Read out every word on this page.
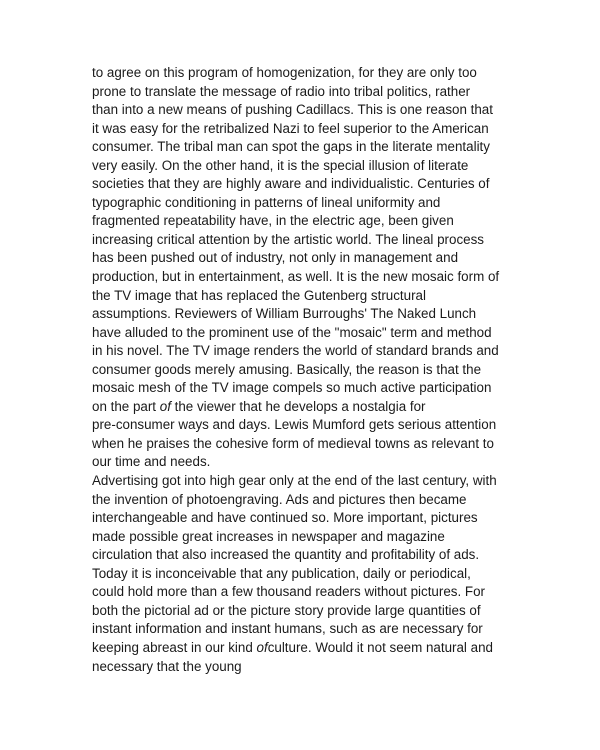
to agree on this program of homogenization, for they are only too
prone to translate the message of radio into tribal politics, rather
than into a new means of pushing Cadillacs. This is one reason that
it was easy for the retribalized Nazi to feel superior to the American
consumer. The tribal man can spot the gaps in the literate mentality
very easily. On the other hand, it is the special illusion of literate
societies that they are highly aware and individualistic. Centuries of
typographic conditioning in patterns of lineal uniformity and
fragmented repeatability have, in the electric age, been given
increasing critical attention by the artistic world. The lineal process
has been pushed out of industry, not only in management and
production, but in entertainment, as well. It is the new mosaic form of
the TV image that has replaced the Gutenberg structural
assumptions. Reviewers of William Burroughs' The Naked Lunch
have alluded to the prominent use of the "mosaic" term and method
in his novel. The TV image renders the world of standard brands and
consumer goods merely amusing. Basically, the reason is that the
mosaic mesh of the TV image compels so much active participation
on the part of the viewer that he develops a nostalgia for
pre-consumer ways and days. Lewis Mumford gets serious attention
when he praises the cohesive form of medieval towns as relevant to
our time and needs.
Advertising got into high gear only at the end of the last century, with
the invention of photoengraving. Ads and pictures then became
interchangeable and have continued so. More important, pictures
made possible great increases in newspaper and magazine
circulation that also increased the quantity and profitability of ads.
Today it is inconceivable that any publication, daily or periodical,
could hold more than a few thousand readers without pictures. For
both the pictorial ad or the picture story provide large quantities of
instant information and instant humans, such as are necessary for
keeping abreast in our kind ofculture. Would it not seem natural and
necessary that the young
